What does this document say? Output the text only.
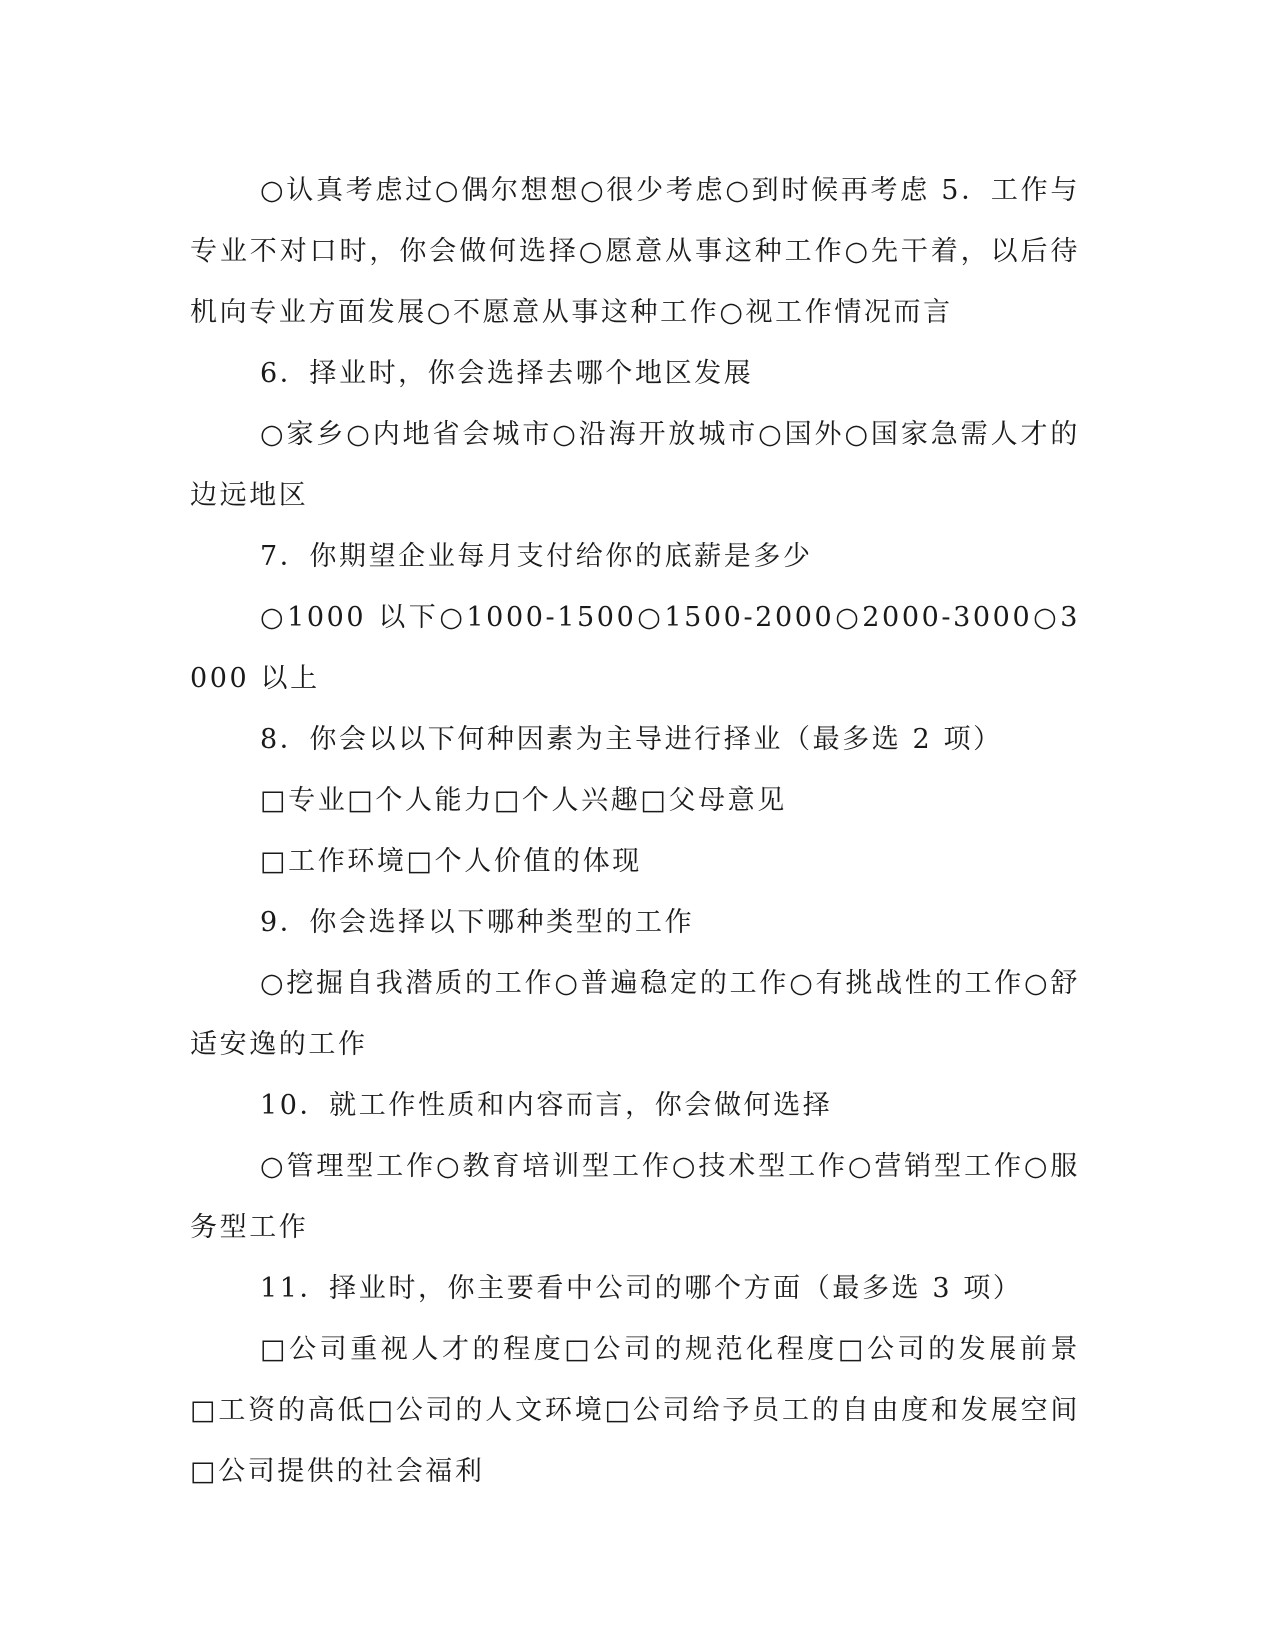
○认真考虑过○偶尔想想○很少考虑○到时候再考虑 5．工作与专业不对口时，你会做何选择○愿意从事这种工作○先干着，以后待机向专业方面发展○不愿意从事这种工作○视工作情况而言

6．择业时，你会选择去哪个地区发展

○家乡○内地省会城市○沿海开放城市○国外○国家急需人才的边远地区

7．你期望企业每月支付给你的底薪是多少

○1000 以下○1000-1500○1500-2000○2000-3000○3000 以上

8．你会以以下何种因素为主导进行择业（最多选 2 项）

□专业□个人能力□个人兴趣□父母意见

□工作环境□个人价值的体现

9．你会选择以下哪种类型的工作

○挖掘自我潜质的工作○普遍稳定的工作○有挑战性的工作○舒适安逸的工作

10．就工作性质和内容而言，你会做何选择

○管理型工作○教育培训型工作○技术型工作○营销型工作○服务型工作

11．择业时，你主要看中公司的哪个方面（最多选 3 项）

□公司重视人才的程度□公司的规范化程度□公司的发展前景□工资的高低□公司的人文环境□公司给予员工的自由度和发展空间□公司提供的社会福利
